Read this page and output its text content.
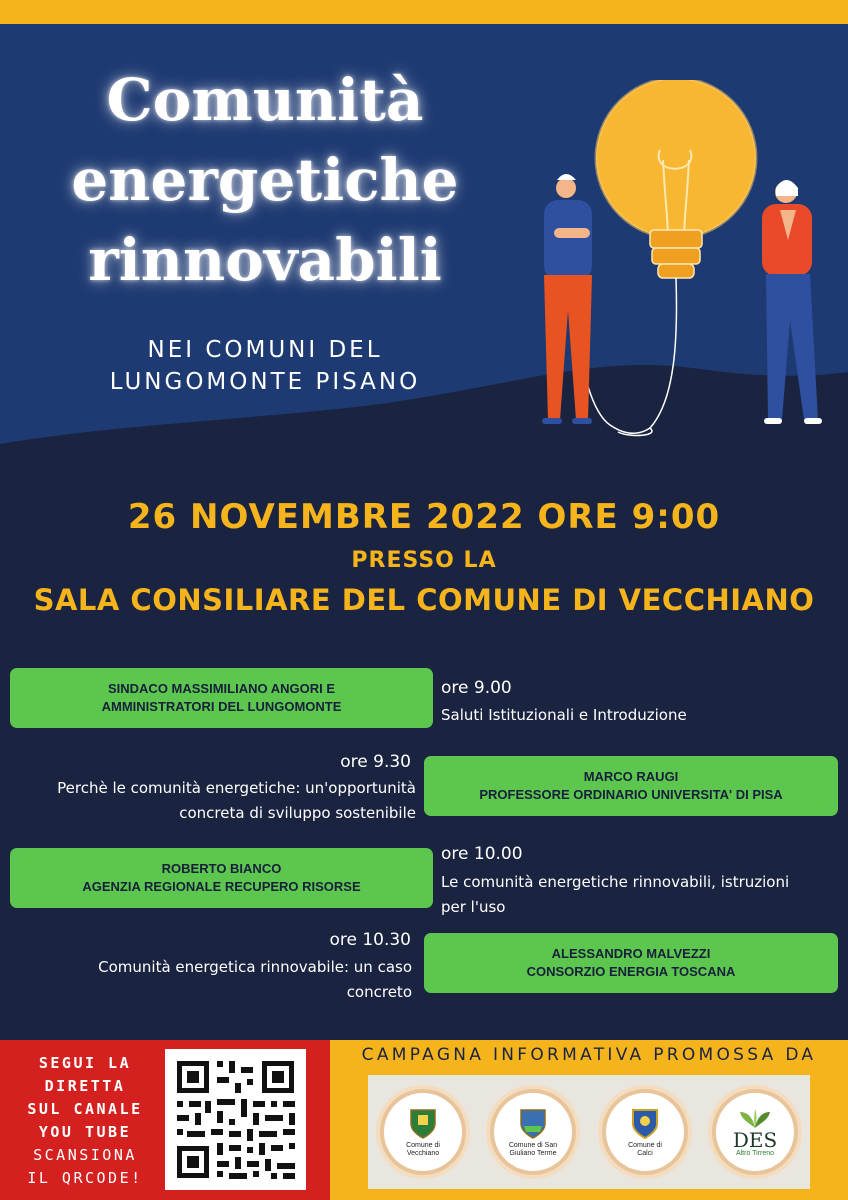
Comunità
energetiche
rinnovabili
NEI COMUNI DEL
LUNGOMONTE PISANO
26 NOVEMBRE 2022 ORE 9:00
PRESSO LA
SALA CONSILIARE DEL COMUNE DI VECCHIANO
SINDACO MASSIMILIANO ANGORI E
AMMINISTRATORI DEL LUNGOMONTE
ore 9.00
Saluti Istituzionali e Introduzione
ore 9.30
Perchè le comunità energetiche: un'opportunità
concreta di sviluppo sostenibile
MARCO RAUGI
PROFESSORE ORDINARIO UNIVERSITA' DI PISA
ROBERTO BIANCO
AGENZIA REGIONALE RECUPERO RISORSE
ore 10.00
Le comunità energetiche rinnovabili, istruzioni
per l'uso
ore 10.30
Comunità energetica rinnovabile: un caso
concreto
ALESSANDRO MALVEZZI
CONSORZIO ENERGIA TOSCANA
SEGUI LA
DIRETTA
SUL CANALE
YOU TUBE
SCANSIONA
IL QRCODE!
CAMPAGNA INFORMATIVA PROMOSSA DA
Comune di
Vecchiano
Comune di San
Giuliano Terme
Comune di
Calci
DES
Altro Tirreno
